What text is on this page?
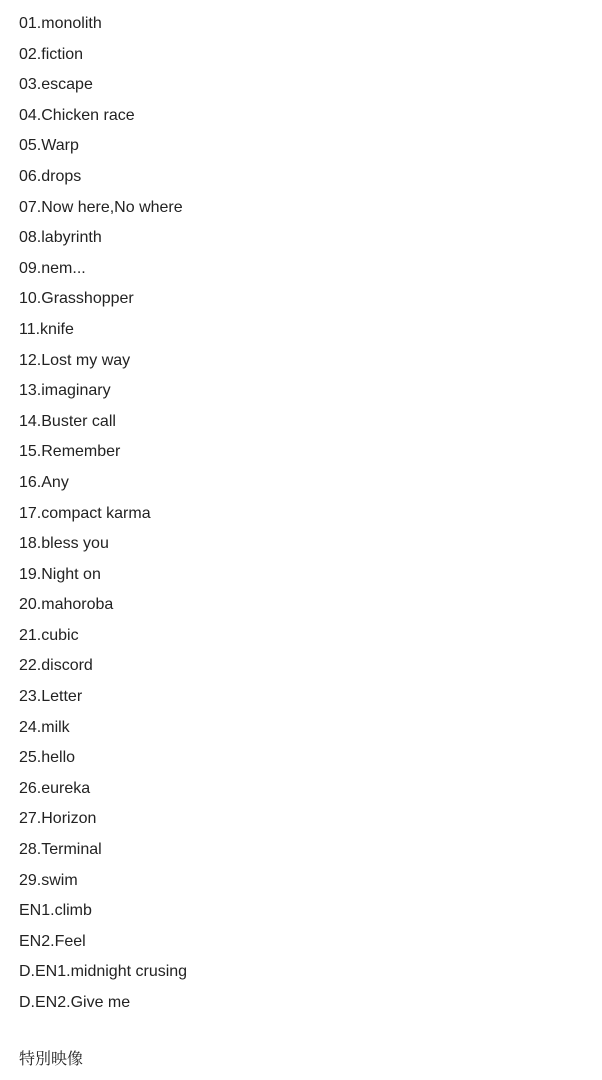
01.monolith
02.fiction
03.escape
04.Chicken race
05.Warp
06.drops
07.Now here,No where
08.labyrinth
09.nem...
10.Grasshopper
11.knife
12.Lost my way
13.imaginary
14.Buster call
15.Remember
16.Any
17.compact karma
18.bless you
19.Night on
20.mahoroba
21.cubic
22.discord
23.Letter
24.milk
25.hello
26.eureka
27.Horizon
28.Terminal
29.swim
EN1.climb
EN2.Feel
D.EN1.midnight crusing
D.EN2.Give me
特別映像
